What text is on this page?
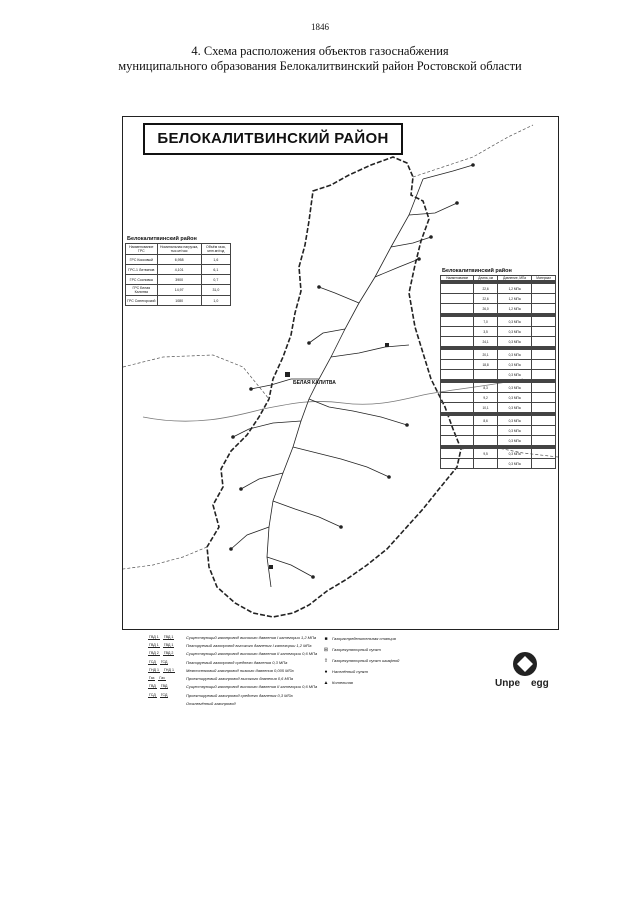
1846
4. Схема расположения объектов газоснабжения
муниципального образования Белокалитвинский район Ростовской области
БЕЛОКАЛИТВИНСКИЙ РАЙОН
БЕЛАЯ КАЛИТВА
Белокалитвинский район
Наименование ГРС	Номинальная нагрузка, тыс.м³/час	Объём газа, млн.м³/год
ГРС Коксовый	6,958	1,6
ГРС-1 Литвинов	4,101	6,1
ГРС Сосновка	3900	0,7
ГРС Белая Калитва	14,97	31,0
ГРС Синегорский	1080	1,0
Белокалитвинский район
Наименование	Длина, км	Давление, МПа	Материал

	22,6	1,2 МПа	
	22,6	1,2 МПа	
	26,0	1,2 МПа	

	7,0	0,3 МПа	
	3,5	0,3 МПа	
	24,1	0,3 МПа	

	20,1	0,3 МПа	
	18,8	0,3 МПа	
		0,3 МПа	

	8,3	0,3 МПа	
	9,2	0,3 МПа	
	10,1	0,3 МПа	

	8,6	0,3 МПа	
		0,3 МПа	
		0,3 МПа	

	9,5	0,3 МПа	
		0,3 МПа	
ГВД 1 ГВД 1	Существующий газопровод высокого давления I категории 1,2 МПа
ГВД 1 ГВД 1	Планируемый газопровод высокого давления I категории 1,2 МПа
ГВД 2 ГВД 2	Существующий газопровод высокого давления II категории 0,6 МПа
ГСД ГСД	Планируемый газопровод среднего давления 0,3 МПа
ГНД 1 ГНД 1	Межпоселковый газопровод низкого давления 0,005 МПа
Газ Газ	Проектируемый газопровод высокого давления 0,6 МПа
ГВД ГВД	Существующий газопровод высокого давления II категории 0,6 МПа
ГСД ГСД	Проектируемый газопровод среднего давления 0,3 МПа
Отключённый газопровод
■	Газораспределительная станция
⊞ Газорегуляторный пункт
⇧ Газорегуляторный пункт шкафной
●	Населённый пункт
▲ Котельная	Unpe egg
